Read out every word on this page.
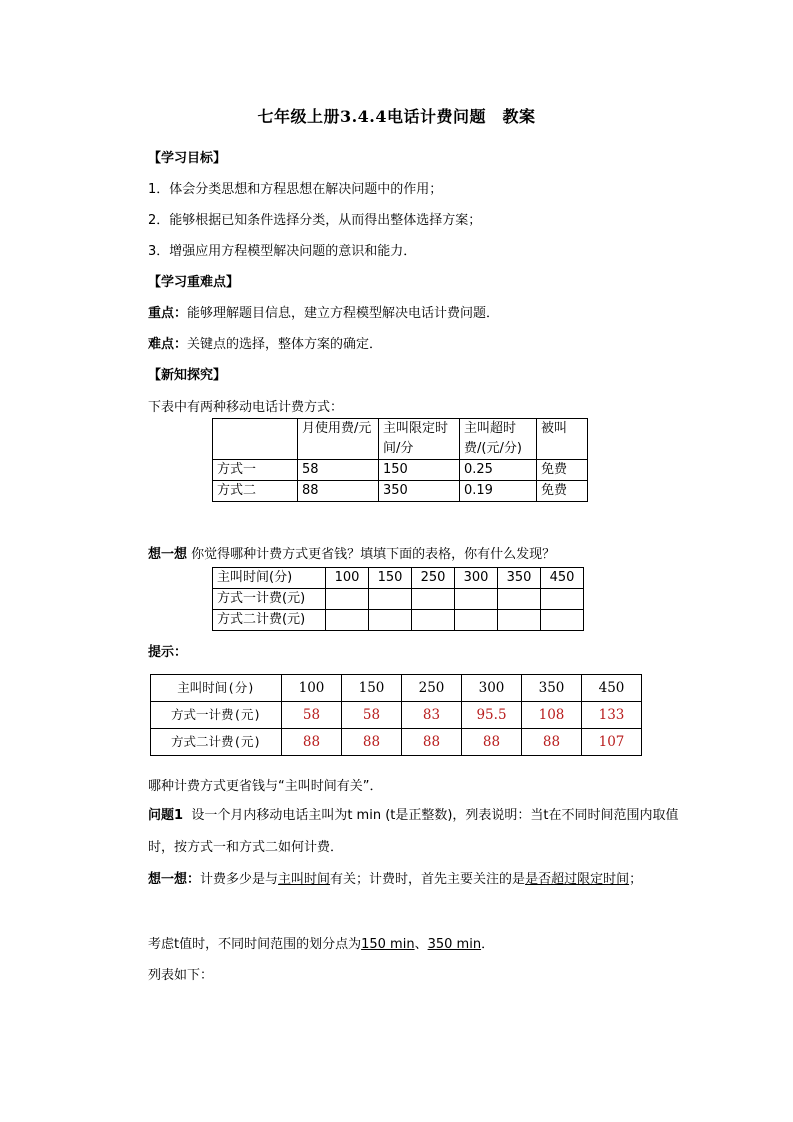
七年级上册3.4.4电话计费问题　教案
【学习目标】
1．体会分类思想和方程思想在解决问题中的作用；
2．能够根据已知条件选择分类，从而得出整体选择方案；
3．增强应用方程模型解决问题的意识和能力．
【学习重难点】
重点：能够理解题目信息，建立方程模型解决电话计费问题．
难点：关键点的选择，整体方案的确定．
【新知探究】
下表中有两种移动电话计费方式：
	月使用费/元	主叫限定时间/分	主叫超时费/(元/分)	被叫
方式一	58	150	0.25	免费
方式二	88	350	0.19	免费
想一想 你觉得哪种计费方式更省钱？填填下面的表格，你有什么发现？
主叫时间(分)	100	150	250	300	350	450
方式一计费(元)						
方式二计费(元)						
提示：
主叫时间(分)	100	150	250	300	350	450
方式一计费(元)	58	58	83	95.5	108	133
方式二计费(元)	88	88	88	88	88	107
哪种计费方式更省钱与“主叫时间有关”．
问题1 设一个月内移动电话主叫为t min (t是正整数)，列表说明：当t在不同时间范围内取值时，按方式一和方式二如何计费．
想一想：计费多少是与主叫时间有关；计费时，首先主要关注的是是否超过限定时间；
考虑t值时，不同时间范围的划分点为150 min、350 min．
列表如下：
